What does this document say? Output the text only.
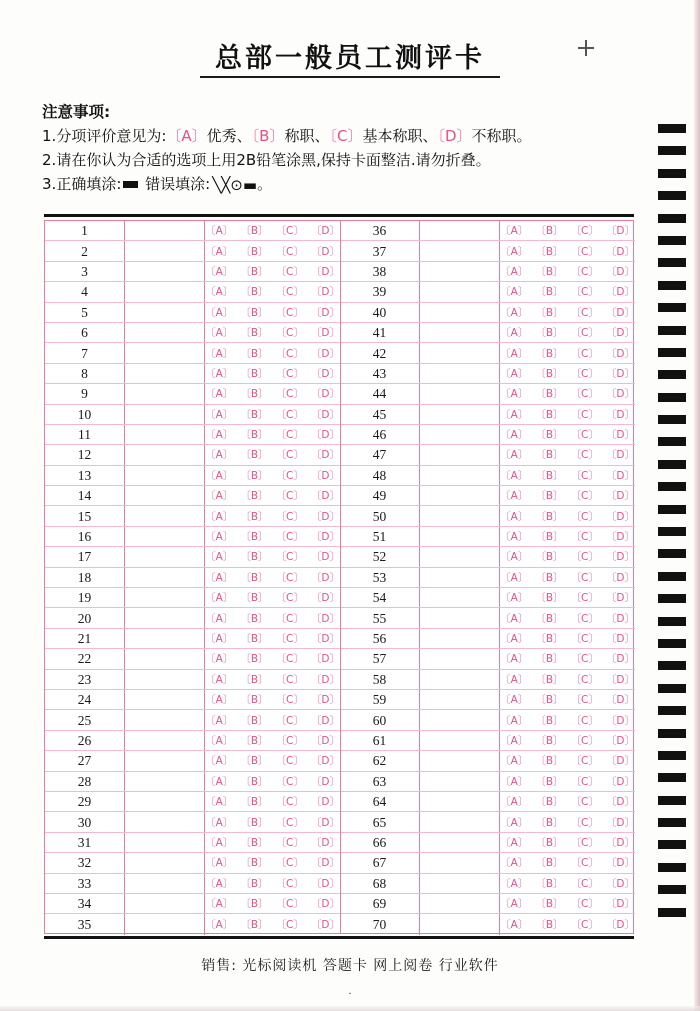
总部一般员工测评卡
注意事项:
1.分项评价意见为:〔A〕优秀、〔B〕称职、〔C〕基本称职、〔D〕不称职。
2.请在你认为合适的选项上用2B铅笔涂黑,保持卡面整洁.请勿折叠。
3.正确填涂: 错误填涂: ╲╳⊙▬。
1	〔A〕 〔B〕 〔C〕 〔D〕
2	〔A〕 〔B〕 〔C〕 〔D〕
3	〔A〕 〔B〕 〔C〕 〔D〕
4	〔A〕 〔B〕 〔C〕 〔D〕
5	〔A〕 〔B〕 〔C〕 〔D〕
6	〔A〕 〔B〕 〔C〕 〔D〕
7	〔A〕 〔B〕 〔C〕 〔D〕
8	〔A〕 〔B〕 〔C〕 〔D〕
9	〔A〕 〔B〕 〔C〕 〔D〕
10	〔A〕 〔B〕 〔C〕 〔D〕
11	〔A〕 〔B〕 〔C〕 〔D〕
12	〔A〕 〔B〕 〔C〕 〔D〕
13	〔A〕 〔B〕 〔C〕 〔D〕
14	〔A〕 〔B〕 〔C〕 〔D〕
15	〔A〕 〔B〕 〔C〕 〔D〕
16	〔A〕 〔B〕 〔C〕 〔D〕
17	〔A〕 〔B〕 〔C〕 〔D〕
18	〔A〕 〔B〕 〔C〕 〔D〕
19	〔A〕 〔B〕 〔C〕 〔D〕
20	〔A〕 〔B〕 〔C〕 〔D〕
21	〔A〕 〔B〕 〔C〕 〔D〕
22	〔A〕 〔B〕 〔C〕 〔D〕
23	〔A〕 〔B〕 〔C〕 〔D〕
24	〔A〕 〔B〕 〔C〕 〔D〕
25	〔A〕 〔B〕 〔C〕 〔D〕
26	〔A〕 〔B〕 〔C〕 〔D〕
27	〔A〕 〔B〕 〔C〕 〔D〕
28	〔A〕 〔B〕 〔C〕 〔D〕
29	〔A〕 〔B〕 〔C〕 〔D〕
30	〔A〕 〔B〕 〔C〕 〔D〕
31	〔A〕 〔B〕 〔C〕 〔D〕
32	〔A〕 〔B〕 〔C〕 〔D〕
33	〔A〕 〔B〕 〔C〕 〔D〕
34	〔A〕 〔B〕 〔C〕 〔D〕
35	〔A〕 〔B〕 〔C〕 〔D〕
36	〔A〕 〔B〕 〔C〕 〔D〕
37	〔A〕 〔B〕 〔C〕 〔D〕
38	〔A〕 〔B〕 〔C〕 〔D〕
39	〔A〕 〔B〕 〔C〕 〔D〕
40	〔A〕 〔B〕 〔C〕 〔D〕
41	〔A〕 〔B〕 〔C〕 〔D〕
42	〔A〕 〔B〕 〔C〕 〔D〕
43	〔A〕 〔B〕 〔C〕 〔D〕
44	〔A〕 〔B〕 〔C〕 〔D〕
45	〔A〕 〔B〕 〔C〕 〔D〕
46	〔A〕 〔B〕 〔C〕 〔D〕
47	〔A〕 〔B〕 〔C〕 〔D〕
48	〔A〕 〔B〕 〔C〕 〔D〕
49	〔A〕 〔B〕 〔C〕 〔D〕
50	〔A〕 〔B〕 〔C〕 〔D〕
51	〔A〕 〔B〕 〔C〕 〔D〕
52	〔A〕 〔B〕 〔C〕 〔D〕
53	〔A〕 〔B〕 〔C〕 〔D〕
54	〔A〕 〔B〕 〔C〕 〔D〕
55	〔A〕 〔B〕 〔C〕 〔D〕
56	〔A〕 〔B〕 〔C〕 〔D〕
57	〔A〕 〔B〕 〔C〕 〔D〕
58	〔A〕 〔B〕 〔C〕 〔D〕
59	〔A〕 〔B〕 〔C〕 〔D〕
60	〔A〕 〔B〕 〔C〕 〔D〕
61	〔A〕 〔B〕 〔C〕 〔D〕
62	〔A〕 〔B〕 〔C〕 〔D〕
63	〔A〕 〔B〕 〔C〕 〔D〕
64	〔A〕 〔B〕 〔C〕 〔D〕
65	〔A〕 〔B〕 〔C〕 〔D〕
66	〔A〕 〔B〕 〔C〕 〔D〕
67	〔A〕 〔B〕 〔C〕 〔D〕
68	〔A〕 〔B〕 〔C〕 〔D〕
69	〔A〕 〔B〕 〔C〕 〔D〕
70	〔A〕 〔B〕 〔C〕 〔D〕
销售: 光标阅读机 答题卡 网上阅卷 行业软件
.
